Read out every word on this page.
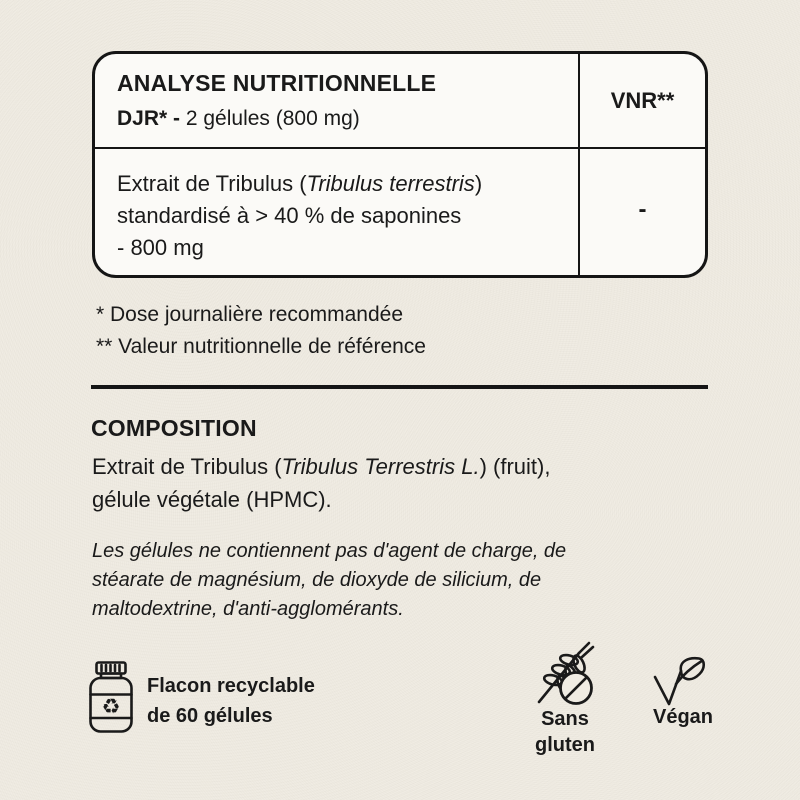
ANALYSE NUTRITIONNELLE
DJR* - 2 gélules (800 mg)
VNR**
Extrait de Tribulus (Tribulus terrestris)
standardisé à > 40 % de saponines
- 800 mg
-
* Dose journalière recommandée
** Valeur nutritionnelle de référence
COMPOSITION
Extrait de Tribulus (Tribulus Terrestris L.) (fruit),
gélule végétale (HPMC).
Les gélules ne contiennent pas d'agent de charge, de
stéarate de magnésium, de dioxyde de silicium, de
maltodextrine, d'anti-agglomérants.
♻
Flacon recyclable
de 60 gélules	Sans
gluten
Végan
